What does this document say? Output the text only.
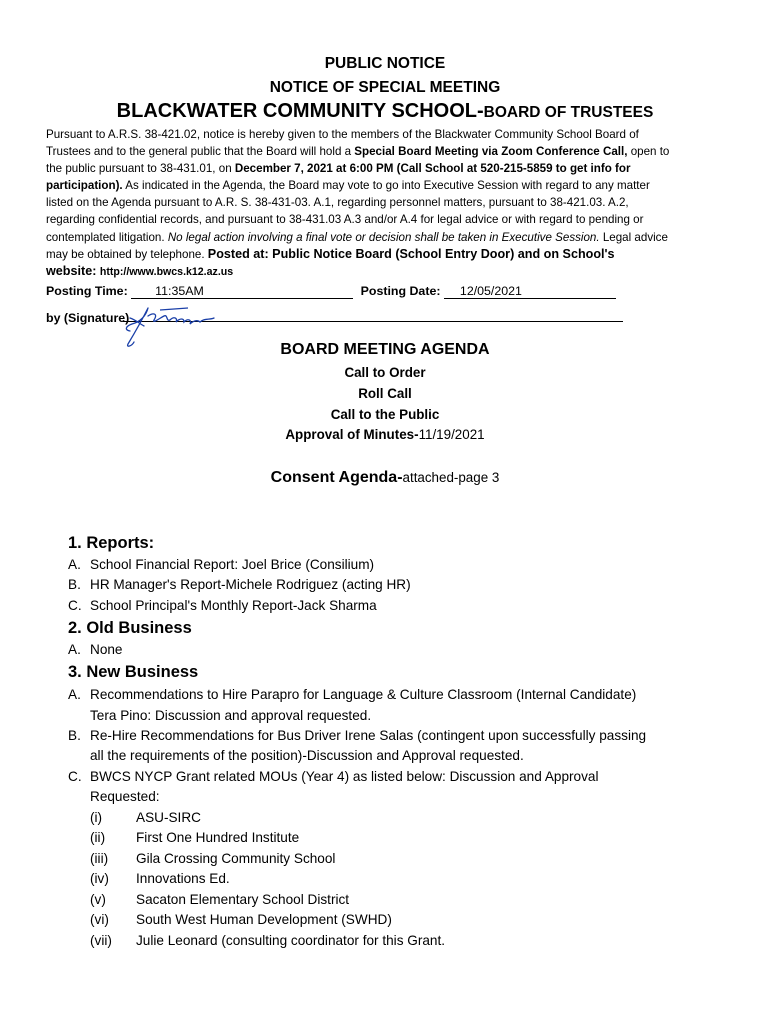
PUBLIC NOTICE
NOTICE OF SPECIAL MEETING
BLACKWATER COMMUNITY SCHOOL-BOARD OF TRUSTEES
Pursuant to A.R.S. 38-421.02, notice is hereby given to the members of the Blackwater Community School Board of
Trustees and to the general public that the Board will hold a Special Board Meeting via Zoom Conference Call, open to
the public pursuant to 38-431.01, on December 7, 2021 at 6:00 PM (Call School at 520-215-5859 to get info for
participation). As indicated in the Agenda, the Board may vote to go into Executive Session with regard to any matter
listed on the Agenda pursuant to A.R. S. 38-431-03. A.1, regarding personnel matters, pursuant to 38-421.03. A.2,
regarding confidential records, and pursuant to 38-431.03 A.3 and/or A.4 for legal advice or with regard to pending or
contemplated litigation. No legal action involving a final vote or decision shall be taken in Executive Session. Legal advice
may be obtained by telephone. Posted at: Public Notice Board (School Entry Door) and on School's
website: http://www.bwcs.k12.az.us
Posting Time: 11:35AM	Posting Date: 12/05/2021
by (Signature)
BOARD MEETING AGENDA
Call to Order
Roll Call
Call to the Public
Approval of Minutes-11/19/2021
Consent Agenda-attached-page 3
1. Reports:
A. School Financial Report: Joel Brice (Consilium)
B. HR Manager's Report-Michele Rodriguez (acting HR)
C. School Principal's Monthly Report-Jack Sharma
2. Old Business
A. None
3. New Business
A. Recommendations to Hire Parapro for Language & Culture Classroom (Internal Candidate)
Tera Pino: Discussion and approval requested.
B. Re-Hire Recommendations for Bus Driver Irene Salas (contingent upon successfully passing
all the requirements of the position)-Discussion and Approval requested.
C. BWCS NYCP Grant related MOUs (Year 4) as listed below: Discussion and Approval
Requested:
(i) ASU-SIRC
(ii) First One Hundred Institute
(iii) Gila Crossing Community School
(iv) Innovations Ed.
(v) Sacaton Elementary School District
(vi) South West Human Development (SWHD)
(vii) Julie Leonard (consulting coordinator for this Grant.
